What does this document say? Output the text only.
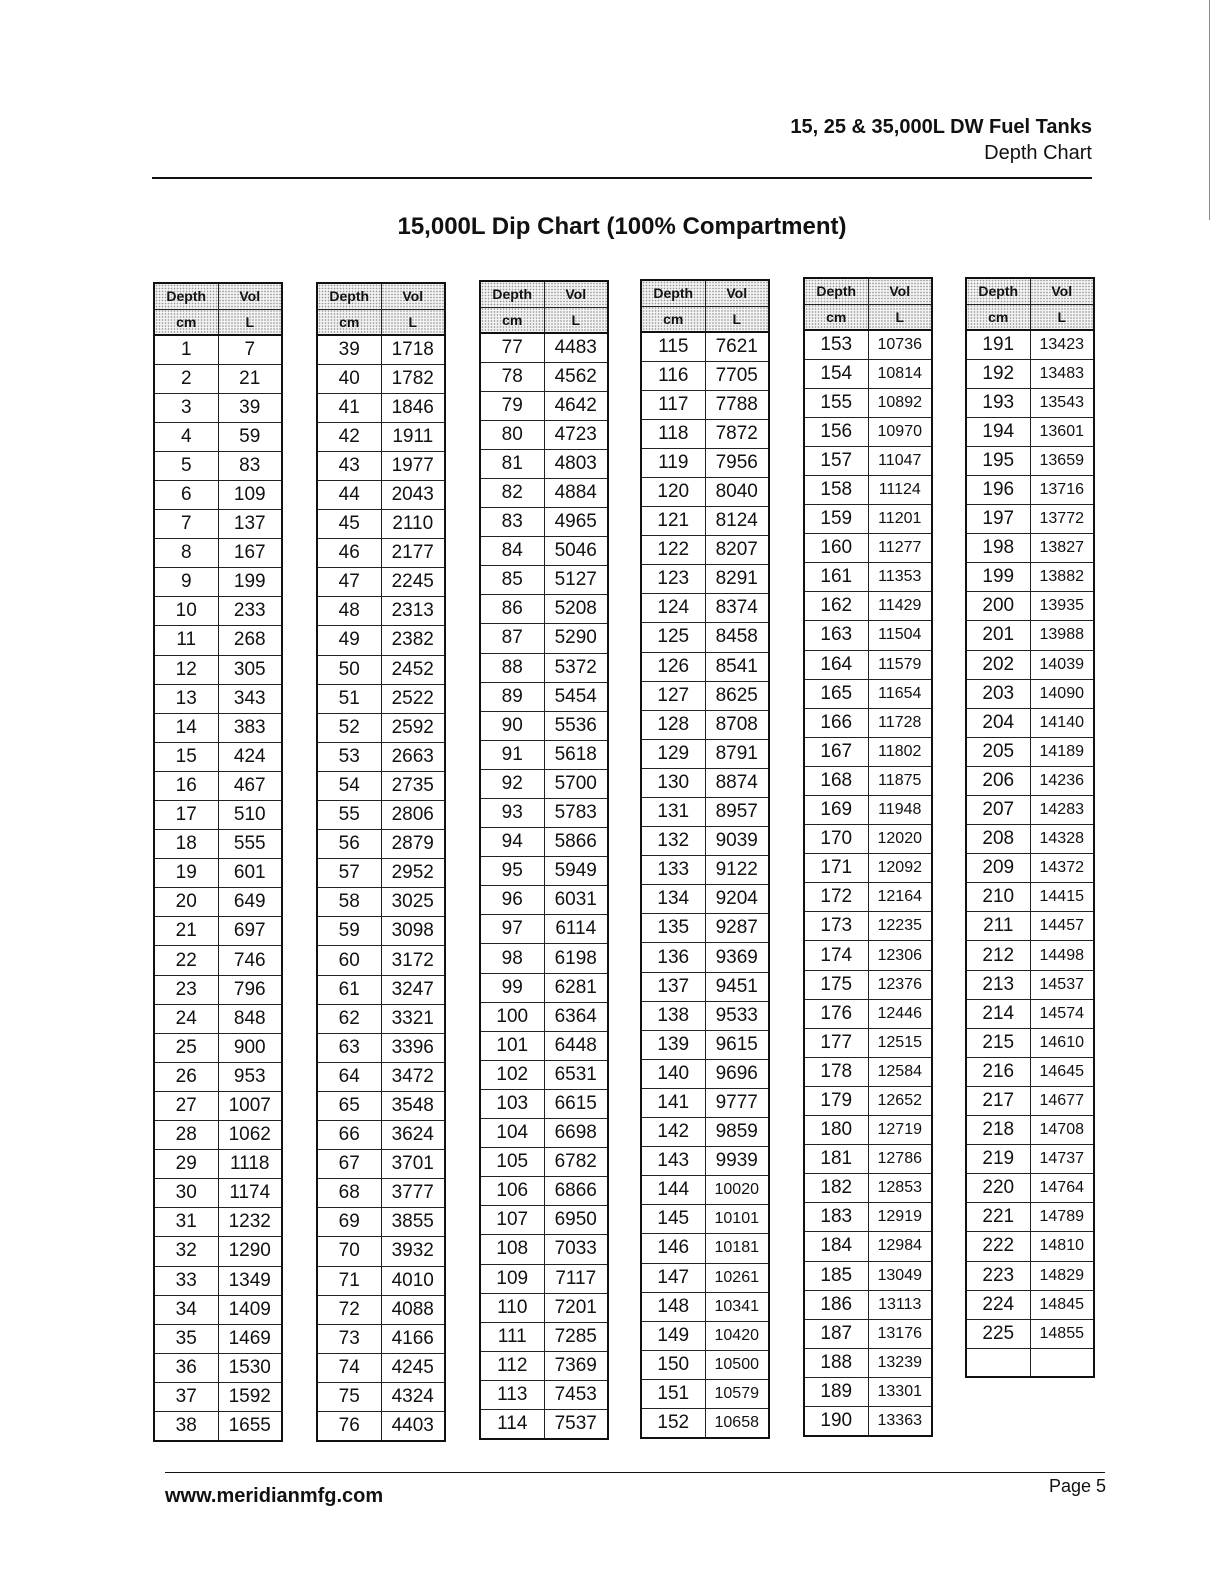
15, 25 & 35,000L DW Fuel Tanks
Depth Chart
15,000L Dip Chart (100% Compartment)
Depth	Vol
cm	L
1	7
2	21
3	39
4	59
5	83
6	109
7	137
8	167
9	199
10	233
11	268
12	305
13	343
14	383
15	424
16	467
17	510
18	555
19	601
20	649
21	697
22	746
23	796
24	848
25	900
26	953
27	1007
28	1062
29	1118
30	1174
31	1232
32	1290
33	1349
34	1409
35	1469
36	1530
37	1592
38	1655
Depth	Vol
cm	L
39	1718
40	1782
41	1846
42	1911
43	1977
44	2043
45	2110
46	2177
47	2245
48	2313
49	2382
50	2452
51	2522
52	2592
53	2663
54	2735
55	2806
56	2879
57	2952
58	3025
59	3098
60	3172
61	3247
62	3321
63	3396
64	3472
65	3548
66	3624
67	3701
68	3777
69	3855
70	3932
71	4010
72	4088
73	4166
74	4245
75	4324
76	4403
Depth	Vol
cm	L
77	4483
78	4562
79	4642
80	4723
81	4803
82	4884
83	4965
84	5046
85	5127
86	5208
87	5290
88	5372
89	5454
90	5536
91	5618
92	5700
93	5783
94	5866
95	5949
96	6031
97	6114
98	6198
99	6281
100	6364
101	6448
102	6531
103	6615
104	6698
105	6782
106	6866
107	6950
108	7033
109	7117
110	7201
111	7285
112	7369
113	7453
114	7537
Depth	Vol
cm	L
115	7621
116	7705
117	7788
118	7872
119	7956
120	8040
121	8124
122	8207
123	8291
124	8374
125	8458
126	8541
127	8625
128	8708
129	8791
130	8874
131	8957
132	9039
133	9122
134	9204
135	9287
136	9369
137	9451
138	9533
139	9615
140	9696
141	9777
142	9859
143	9939
144	10020
145	10101
146	10181
147	10261
148	10341
149	10420
150	10500
151	10579
152	10658
Depth	Vol
cm	L
153	10736
154	10814
155	10892
156	10970
157	11047
158	11124
159	11201
160	11277
161	11353
162	11429
163	11504
164	11579
165	11654
166	11728
167	11802
168	11875
169	11948
170	12020
171	12092
172	12164
173	12235
174	12306
175	12376
176	12446
177	12515
178	12584
179	12652
180	12719
181	12786
182	12853
183	12919
184	12984
185	13049
186	13113
187	13176
188	13239
189	13301
190	13363
Depth	Vol
cm	L
191	13423
192	13483
193	13543
194	13601
195	13659
196	13716
197	13772
198	13827
199	13882
200	13935
201	13988
202	14039
203	14090
204	14140
205	14189
206	14236
207	14283
208	14328
209	14372
210	14415
211	14457
212	14498
213	14537
214	14574
215	14610
216	14645
217	14677
218	14708
219	14737
220	14764
221	14789
222	14810
223	14829
224	14845
225	14855

www.meridianmfg.com	Page 5
